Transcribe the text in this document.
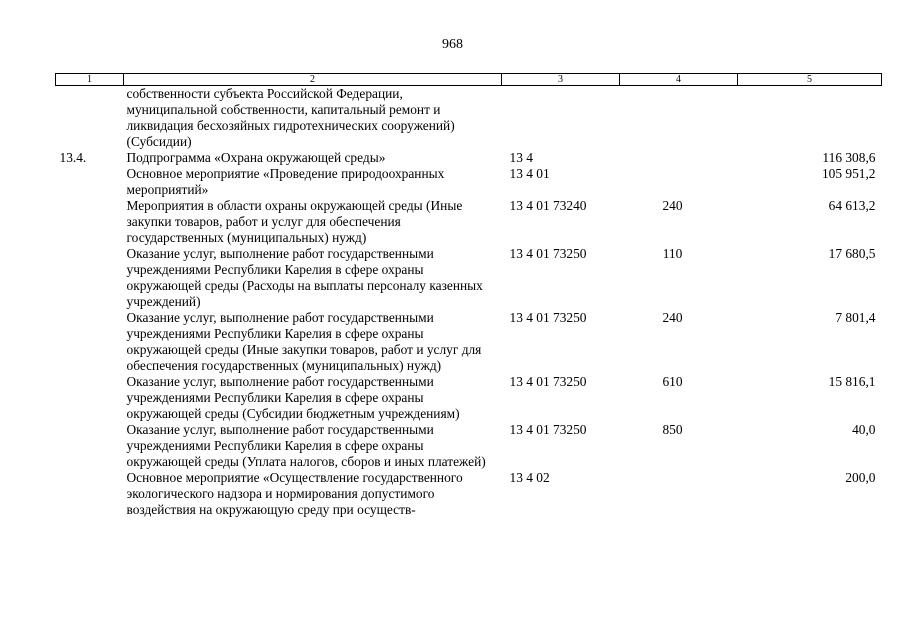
968
1	2	3	4	5
	собственности субъекта Российской Федерации, муниципальной собственности, капитальный ремонт и ликвидация бесхозяйных гидротехнических сооружений) (Субсидии)			
13.4.	Подпрограмма «Охрана окружающей среды»	13 4		116 308,6
	Основное мероприятие «Проведение природоохранных мероприятий»	13 4 01		105 951,2
	Мероприятия в области охраны окружающей среды (Иные закупки товаров, работ и услуг для обеспечения государственных (муниципальных) нужд)	13 4 01 73240	240	64 613,2
	Оказание услуг, выполнение работ государственными учреждениями Республики Карелия в сфере охраны окружающей среды (Расходы на выплаты персоналу казенных учреждений)	13 4 01 73250	110	17 680,5
	Оказание услуг, выполнение работ государственными учреждениями Республики Карелия в сфере охраны окружающей среды (Иные закупки товаров, работ и услуг для обеспечения государственных (муниципальных) нужд)	13 4 01 73250	240	7 801,4
	Оказание услуг, выполнение работ государственными учреждениями Республики Карелия в сфере охраны окружающей среды (Субсидии бюджетным учреждениям)	13 4 01 73250	610	15 816,1
	Оказание услуг, выполнение работ государственными учреждениями Республики Карелия в сфере охраны окружающей среды (Уплата налогов, сборов и иных платежей)	13 4 01 73250	850	40,0
	Основное мероприятие «Осуществление государственного экологического надзора и нормирования допустимого воздействия на окружающую среду при осуществ-	13 4 02		200,0
